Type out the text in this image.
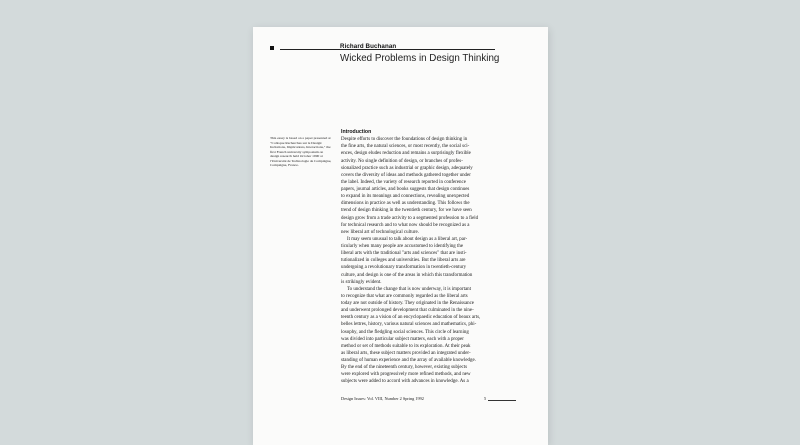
Richard Buchanan
Wicked Problems in Design Thinking
This essay is based on a paper presented at
"Colloque Recherches sur le Design:
Incitations, Implications, Interactions," the
first French university symposium on
design research held October 1990 at
l'Université de Technologie de Compiègne,
Compiègne, France.
Introduction
Despite efforts to discover the foundations of design thinking in
the fine arts, the natural sciences, or most recently, the social sci-
ences, design eludes reduction and remains a surprisingly flexible
activity. No single definition of design, or branches of profes-
sionalized practice such as industrial or graphic design, adequately
covers the diversity of ideas and methods gathered together under
the label. Indeed, the variety of research reported in conference
papers, journal articles, and books suggests that design continues
to expand in its meanings and connections, revealing unexpected
dimensions in practice as well as understanding. This follows the
trend of design thinking in the twentieth century, for we have seen
design grow from a trade activity to a segmented profession to a field
for technical research and to what now should be recognized as a
new liberal art of technological culture.
It may seem unusual to talk about design as a liberal art, par-
ticularly when many people are accustomed to identifying the
liberal arts with the traditional "arts and sciences" that are insti-
tutionalized in colleges and universities. But the liberal arts are
undergoing a revolutionary transformation in twentieth-century
culture, and design is one of the areas in which this transformation
is strikingly evident.
To understand the change that is now underway, it is important
to recognize that what are commonly regarded as the liberal arts
today are not outside of history. They originated in the Renaissance
and underwent prolonged development that culminated in the nine-
teenth century as a vision of an encyclopaedic education of beaux arts,
belles lettres, history, various natural sciences and mathematics, phi-
losophy, and the fledgling social sciences. This circle of learning
was divided into particular subject matters, each with a proper
method or set of methods suitable to its exploration. At their peak
as liberal arts, these subject matters provided an integrated under-
standing of human experience and the array of available knowledge.
By the end of the nineteenth century, however, existing subjects
were explored with progressively more refined methods, and new
subjects were added to accord with advances in knowledge. As a
Design Issues: Vol. VIII, Number 2 Spring 1992	5
